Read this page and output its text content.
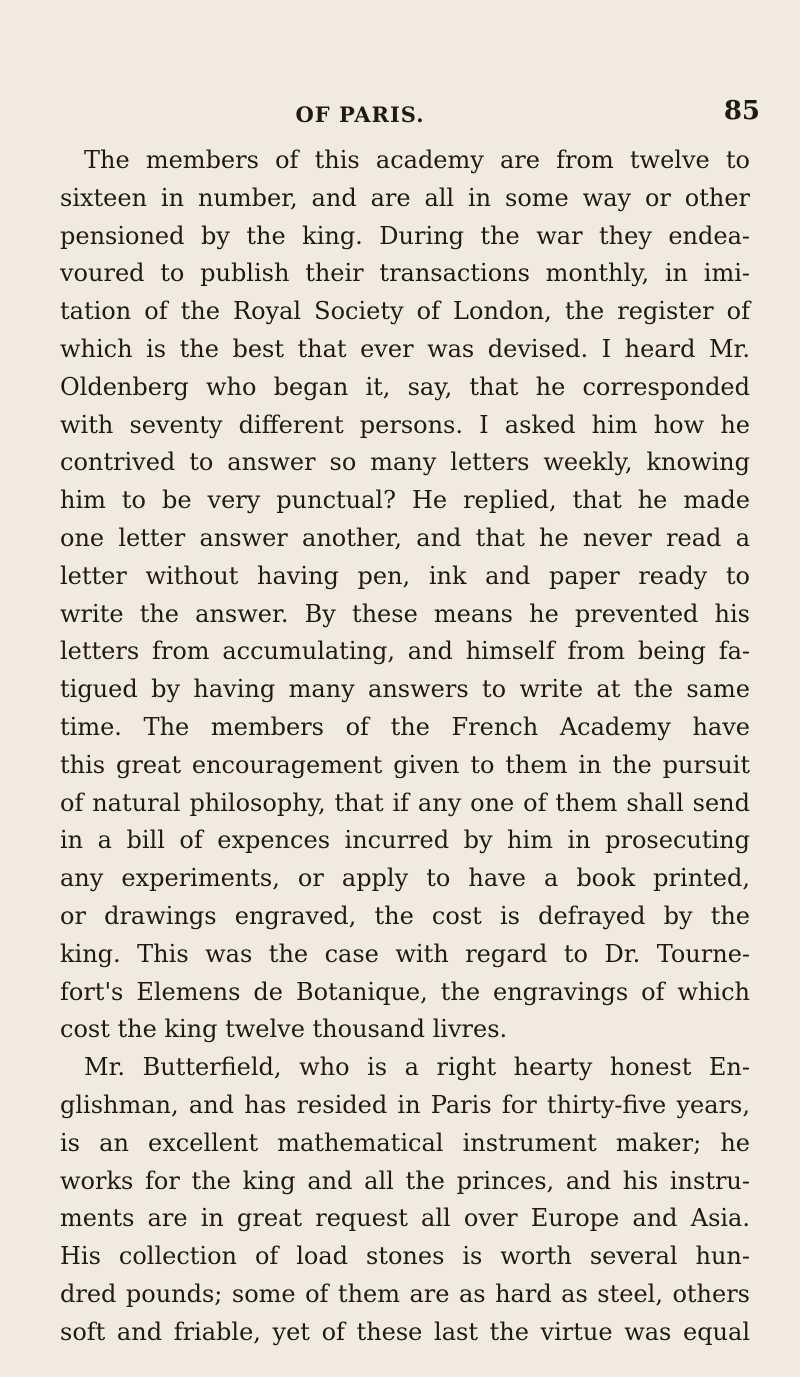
OF PARIS.	85
The members of this academy are from twelve to
sixteen in number, and are all in some way or other
pensioned by the king. During the war they endea-
voured to publish their transactions monthly, in imi-
tation of the Royal Society of London, the register of
which is the best that ever was devised. I heard Mr.
Oldenberg who began it, say, that he corresponded
with seventy different persons. I asked him how he
contrived to answer so many letters weekly, knowing
him to be very punctual? He replied, that he made
one letter answer another, and that he never read a
letter without having pen, ink and paper ready to
write the answer. By these means he prevented his
letters from accumulating, and himself from being fa-
tigued by having many answers to write at the same
time. The members of the French Academy have
this great encouragement given to them in the pursuit
of natural philosophy, that if any one of them shall send
in a bill of expences incurred by him in prosecuting
any experiments, or apply to have a book printed,
or drawings engraved, the cost is defrayed by the
king. This was the case with regard to Dr. Tourne-
fort's Elemens de Botanique, the engravings of which
cost the king twelve thousand livres.
Mr. Butterfield, who is a right hearty honest En-
glishman, and has resided in Paris for thirty-five years,
is an excellent mathematical instrument maker; he
works for the king and all the princes, and his instru-
ments are in great request all over Europe and Asia.
His collection of load stones is worth several hun-
dred pounds; some of them are as hard as steel, others
soft and friable, yet of these last the virtue was equal
